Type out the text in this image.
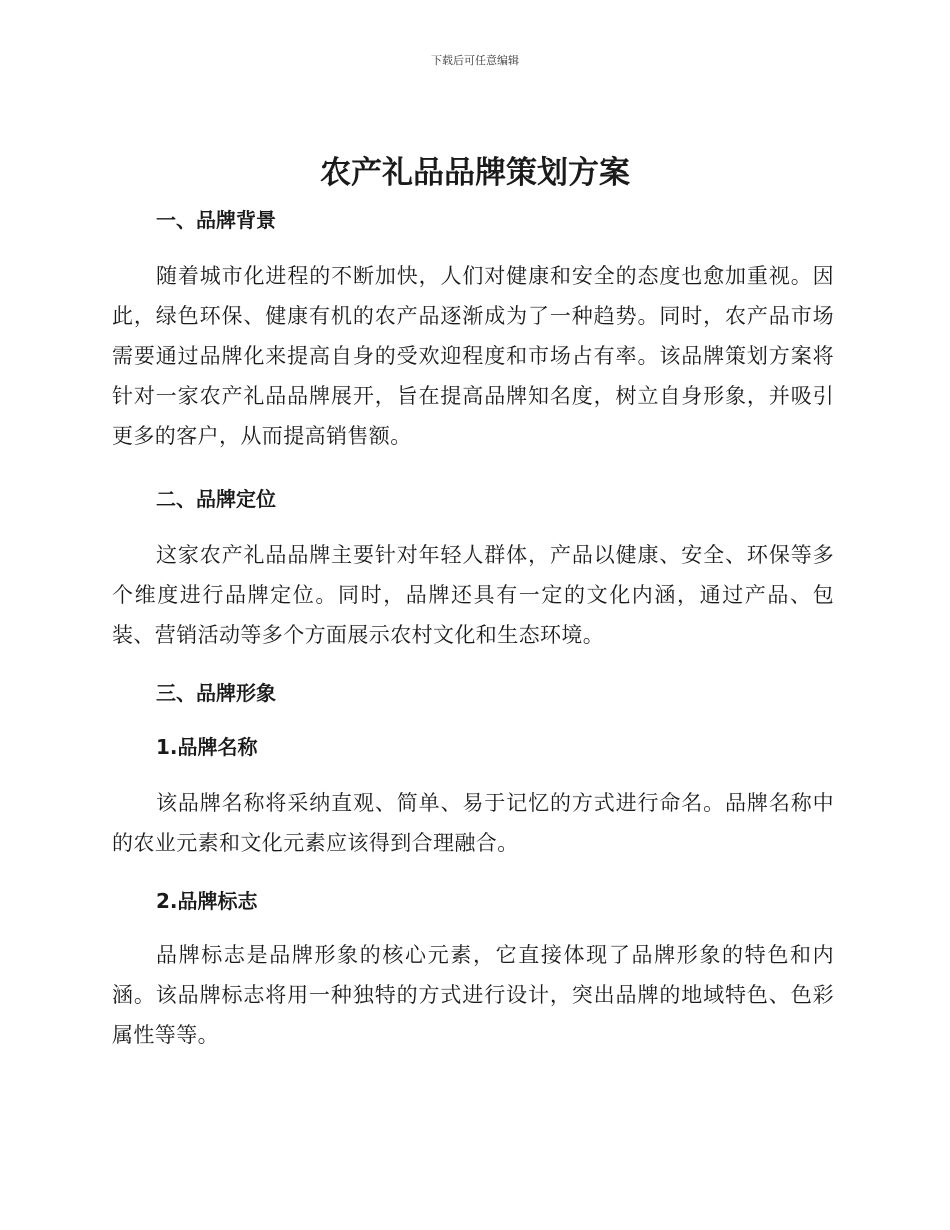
下载后可任意编辑
农产礼品品牌策划方案
一、品牌背景

随着城市化进程的不断加快，人们对健康和安全的态度也愈加重视。因此，绿色环保、健康有机的农产品逐渐成为了一种趋势。同时，农产品市场需要通过品牌化来提高自身的受欢迎程度和市场占有率。该品牌策划方案将针对一家农产礼品品牌展开，旨在提高品牌知名度，树立自身形象，并吸引更多的客户，从而提高销售额。

二、品牌定位

这家农产礼品品牌主要针对年轻人群体，产品以健康、安全、环保等多个维度进行品牌定位。同时，品牌还具有一定的文化内涵，通过产品、包装、营销活动等多个方面展示农村文化和生态环境。

三、品牌形象
1.品牌名称

该品牌名称将采纳直观、简单、易于记忆的方式进行命名。品牌名称中的农业元素和文化元素应该得到合理融合。

2.品牌标志

品牌标志是品牌形象的核心元素，它直接体现了品牌形象的特色和内涵。该品牌标志将用一种独特的方式进行设计，突出品牌的地域特色、色彩属性等等。
